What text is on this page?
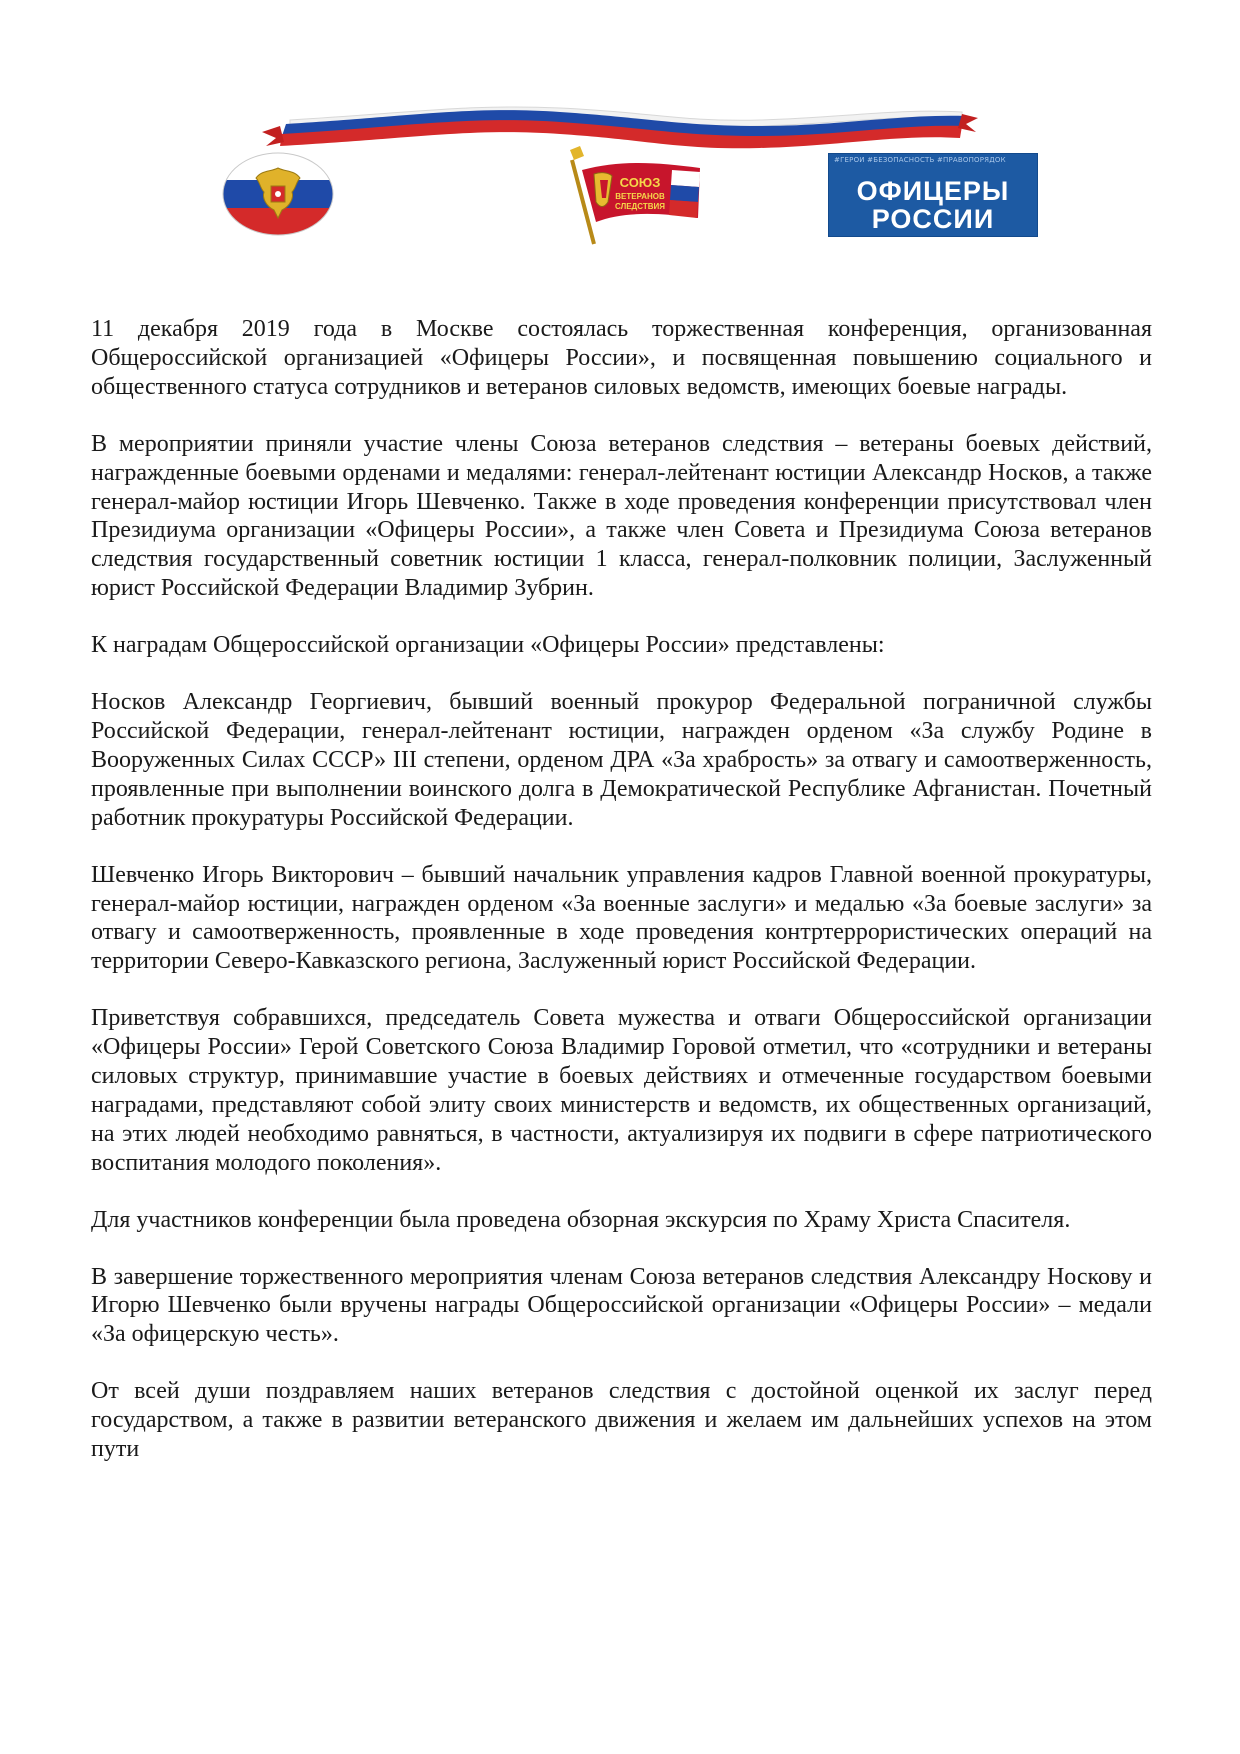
СОЮЗ
ВЕТЕРАНОВ
СЛЕДСТВИЯ
#ГЕРОИ #БЕЗОПАСНОСТЬ #ПРАВОПОРЯДОК
ОФИЦЕРЫ
РОССИИ

11 декабря 2019 года в Москве состоялась торжественная конференция, организованная Общероссийской организацией «Офицеры России», и посвященная повышению социального и общественного статуса сотрудников и ветеранов силовых ведомств, имеющих боевые награды.

В мероприятии приняли участие члены Союза ветеранов следствия – ветераны боевых действий, награжденные боевыми орденами и медалями: генерал-лейтенант юстиции Александр Носков, а также генерал-майор юстиции Игорь Шевченко. Также в ходе проведения конференции присутствовал член Президиума организации «Офицеры России», а также член Совета и Президиума Союза ветеранов следствия государственный советник юстиции 1 класса, генерал-полковник полиции, Заслуженный юрист Российской Федерации Владимир Зубрин.

К наградам Общероссийской организации «Офицеры России» представлены:

Носков Александр Георгиевич, бывший военный прокурор Федеральной пограничной службы Российской Федерации, генерал-лейтенант юстиции, награжден орденом «За службу Родине в Вооруженных Силах СССР» III степени, орденом ДРА «За храбрость» за отвагу и самоотверженность, проявленные при выполнении воинского долга в Демократической Республике Афганистан. Почетный работник прокуратуры Российской Федерации.

Шевченко Игорь Викторович – бывший начальник управления кадров Главной военной прокуратуры, генерал-майор юстиции, награжден орденом «За военные заслуги» и медалью «За боевые заслуги» за отвагу и самоотверженность, проявленные в ходе проведения контртеррористических операций на территории Северо-Кавказского региона, Заслуженный юрист Российской Федерации.

Приветствуя собравшихся, председатель Совета мужества и отваги Общероссийской организации «Офицеры России» Герой Советского Союза Владимир Горовой отметил, что «сотрудники и ветераны силовых структур, принимавшие участие в боевых действиях и отмеченные государством боевыми наградами, представляют собой элиту своих министерств и ведомств, их общественных организаций, на этих людей необходимо равняться, в частности, актуализируя их подвиги в сфере патриотического воспитания молодого поколения».

Для участников конференции была проведена обзорная экскурсия по Храму Христа Спасителя.

В завершение торжественного мероприятия членам Союза ветеранов следствия Александру Носкову и Игорю Шевченко были вручены награды Общероссийской организации «Офицеры России» – медали «За офицерскую честь».

От всей души поздравляем наших ветеранов следствия с достойной оценкой их заслуг перед государством, а также в развитии ветеранского движения и желаем им дальнейших успехов на этом пути
